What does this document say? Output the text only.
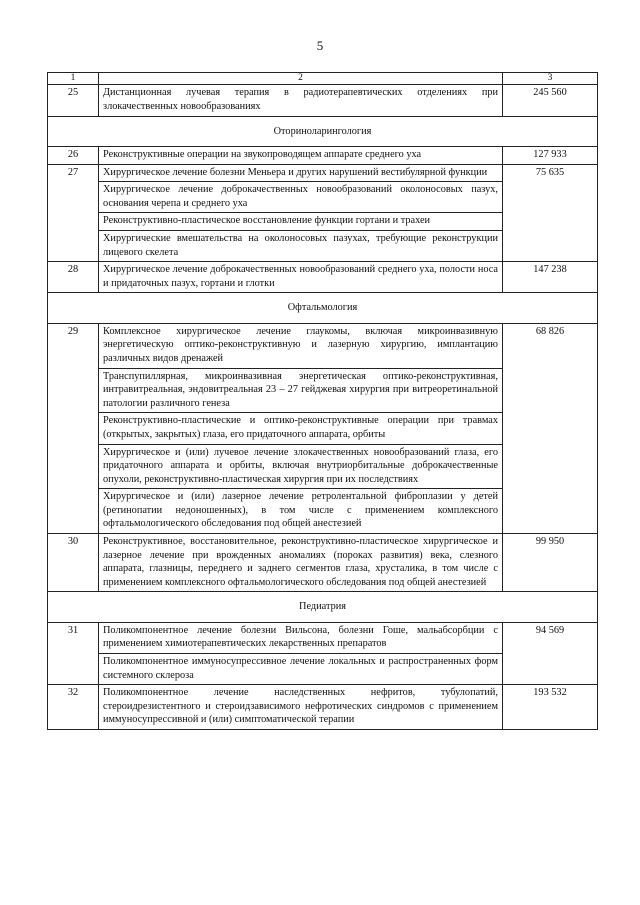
5
1	2	3
25	Дистанционная лучевая терапия в радиотерапевтических отделениях при злокачественных новообразованиях	245 560
Оториноларингология		
26	Реконструктивные операции на звукопроводящем аппарате среднего уха	127 933
27	Хирургическое лечение болезни Меньера и других нарушений вестибулярной функции	75 635
	Хирургическое лечение доброкачественных новообразований околоносовых пазух, основания черепа и среднего уха	
	Реконструктивно-пластическое восстановление функции гортани и трахеи	
	Хирургические вмешательства на околоносовых пазухах, требующие реконструкции лицевого скелета	
28	Хирургическое лечение доброкачественных новообразований среднего уха, полости носа и придаточных пазух, гортани и глотки	147 238
Офтальмология		
29	Комплексное хирургическое лечение глаукомы, включая микроинвазивную энергетическую оптико-реконструктивную и лазерную хирургию, имплантацию различных видов дренажей	68 826
	Транспупиллярная, микроинвазивная энергетическая оптико-реконструктивная, интравитреальная, эндовитреальная 23 – 27 гейджевая хирургия при витреоретинальной патологии различного генеза	
	Реконструктивно-пластические и оптико-реконструктивные операции при травмах (открытых, закрытых) глаза, его придаточного аппарата, орбиты	
	Хирургическое и (или) лучевое лечение злокачественных новообразований глаза, его придаточного аппарата и орбиты, включая внутриорбитальные доброкачественные опухоли, реконструктивно-пластическая хирургия при их последствиях	
	Хирургическое и (или) лазерное лечение ретролентальной фиброплазии у детей (ретинопатии недоношенных), в том числе с применением комплексного офтальмологического обследования под общей анестезией	
30	Реконструктивное, восстановительное, реконструктивно-пластическое хирургическое и лазерное лечение при врожденных аномалиях (пороках развития) века, слезного аппарата, глазницы, переднего и заднего сегментов глаза, хрусталика, в том числе с применением комплексного офтальмологического обследования под общей анестезией	99 950
Педиатрия		
31	Поликомпонентное лечение болезни Вильсона, болезни Гоше, мальабсорбции с применением химиотерапевтических лекарственных препаратов	94 569
	Поликомпонентное иммуносупрессивное лечение локальных и распространенных форм системного склероза	
32	Поликомпонентное лечение наследственных нефритов, тубулопатий, стероидрезистентного и стероидзависимого нефротических синдромов с применением иммуносупрессивной и (или) симптоматической терапии	193 532
